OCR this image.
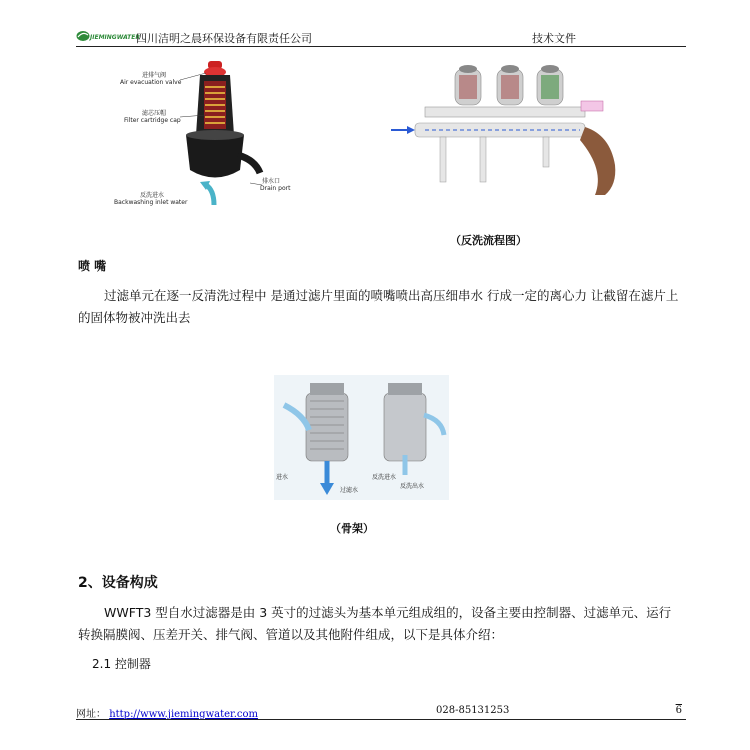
JIEMINGWATER
四川洁明之晨环保设备有限责任公司	技术文件
进排气阀
Air evacuation valve
滤芯压帽
Filter cartridge cap
排水口
Drain port
反洗进水
Backwashing inlet water
（反洗流程图）
喷 嘴
过滤单元在逐一反清洗过程中 是通过滤片里面的喷嘴喷出高压细串水 行成一定的离心力 让截留在滤片上的固体物被冲洗出去
进水
过滤水
反洗进水
反洗出水
（骨架）
2、设备构成
WWFT3 型自水过滤器是由 3 英寸的过滤头为基本单元组成组的，设备主要由控制器、过滤单元、运行转换隔膜阀、压差开关、排气阀、管道以及其他附件组成，以下是具体介绍：
2.1 控制器
网址： http://www.jiemingwater.com	028-85131253	6
